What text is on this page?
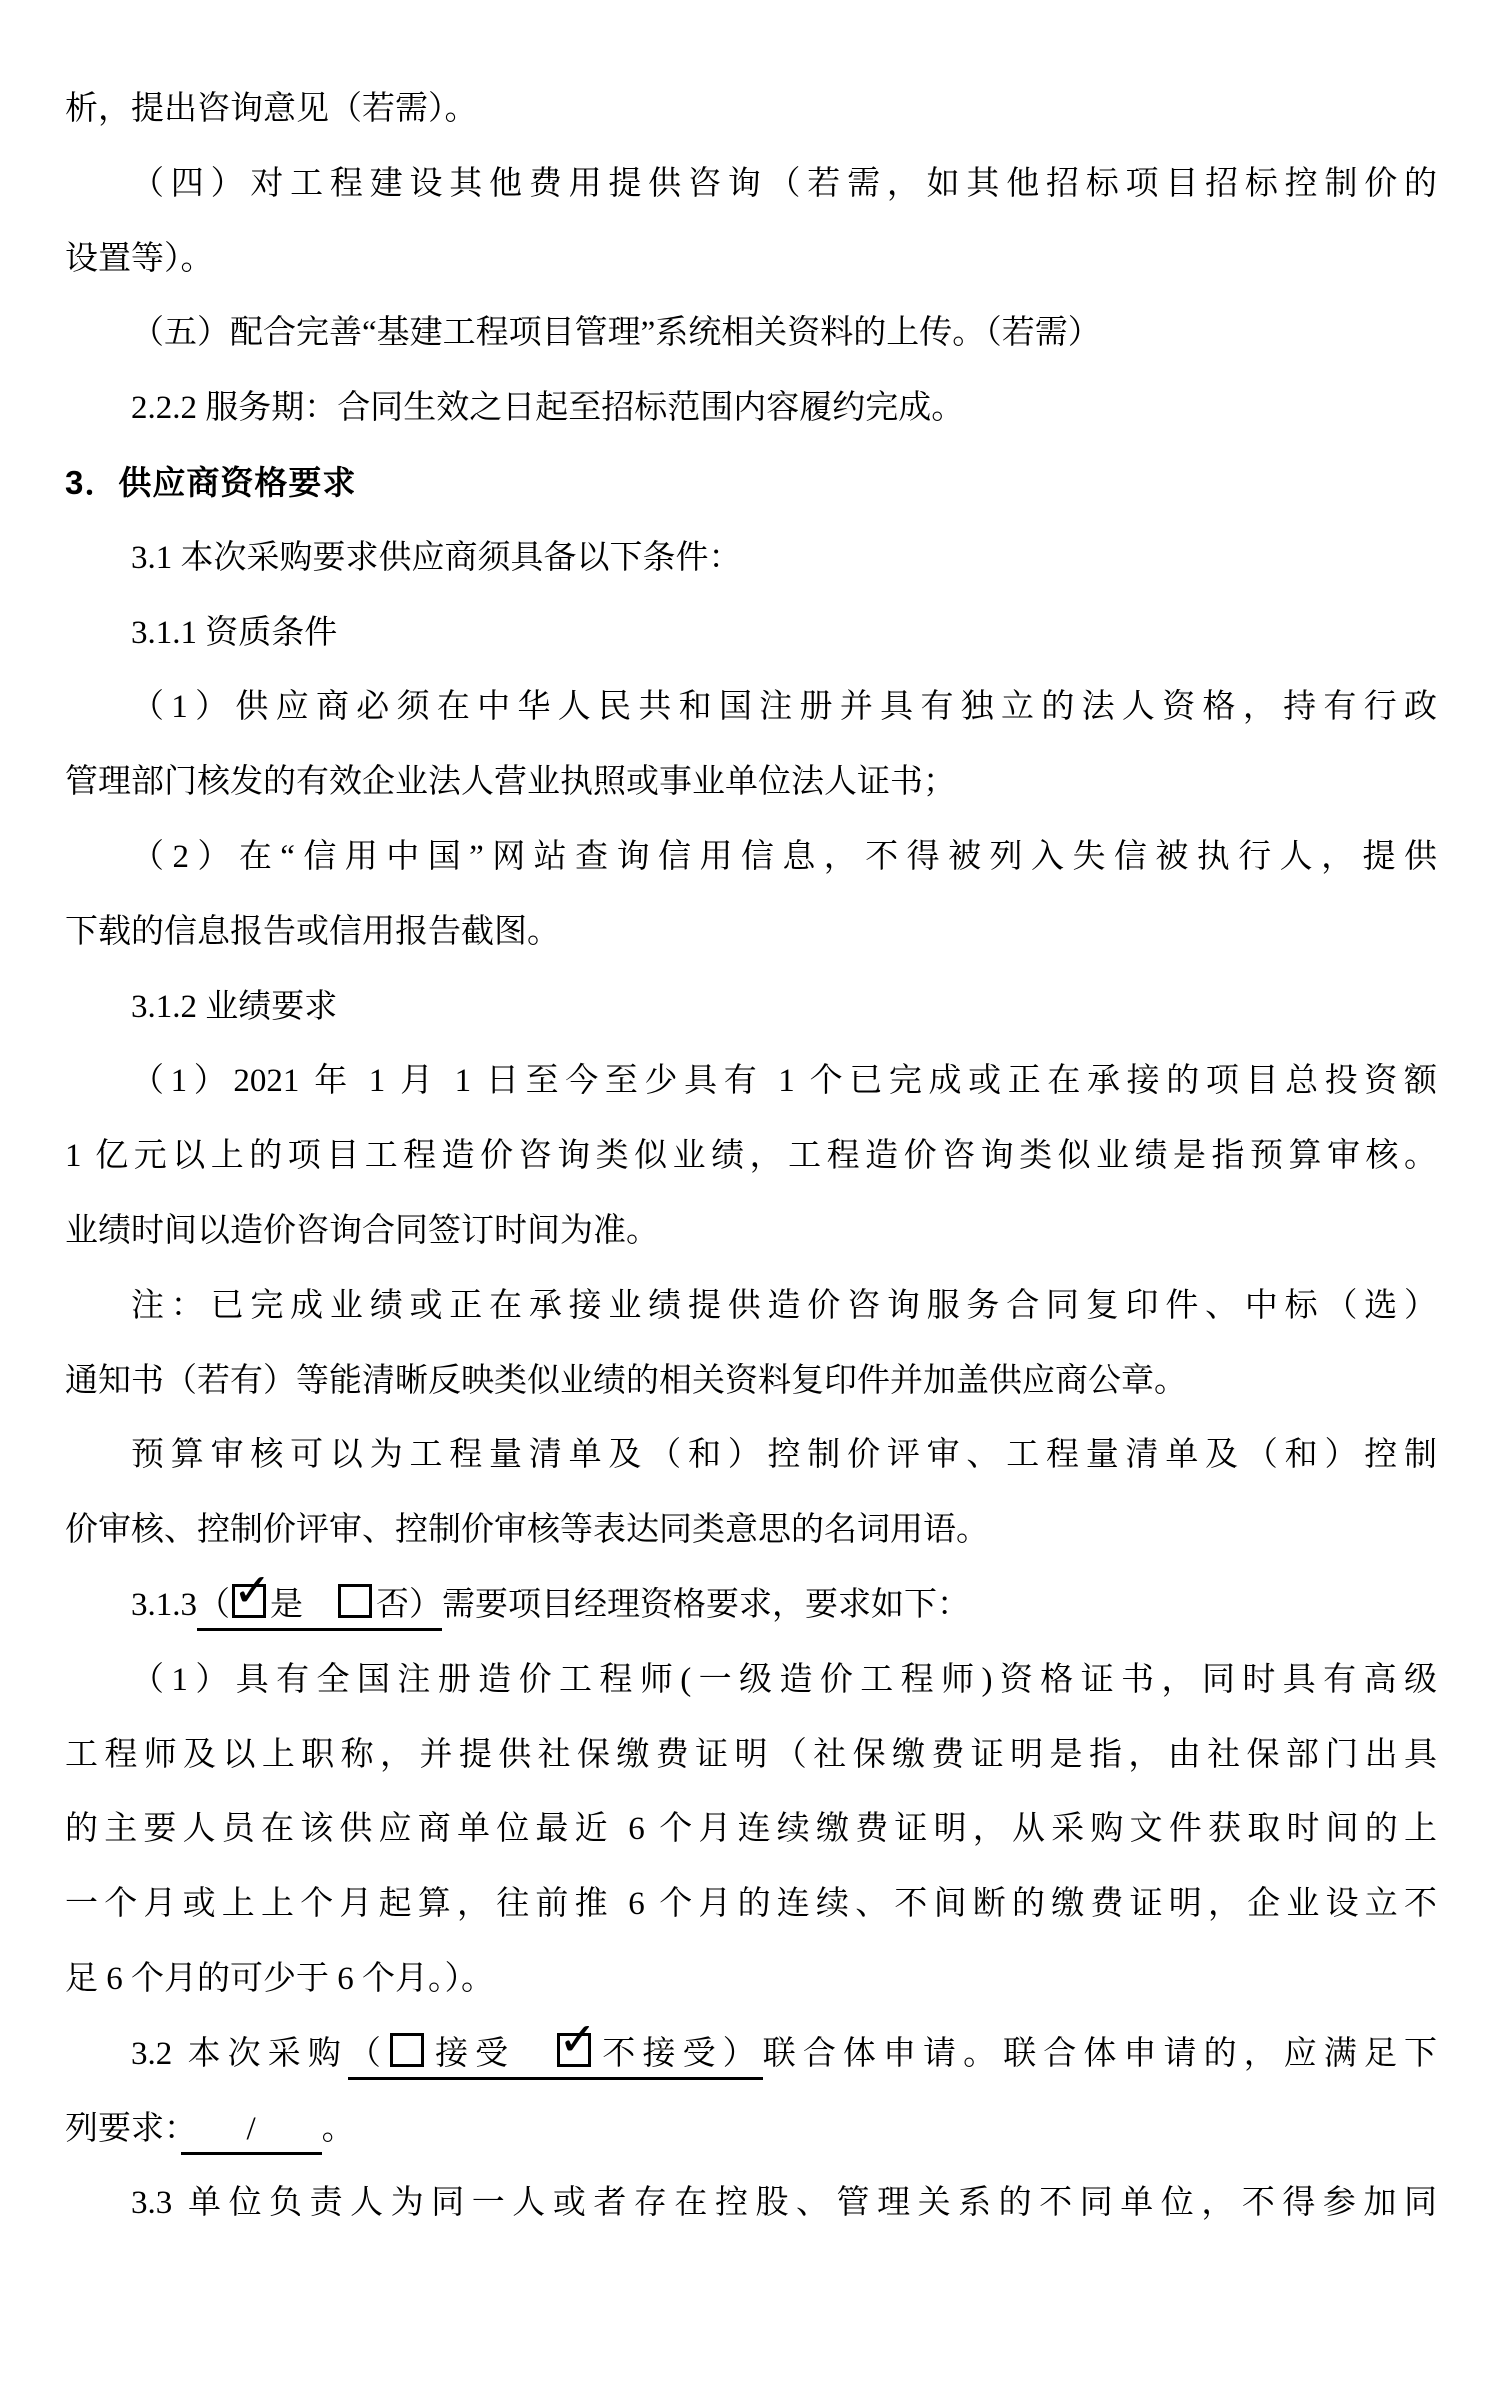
析，提出咨询意见（若需）。
（四）对工程建设其他费用提供咨询（若需，如其他招标项目招标控制价的
设置等）。
（五）配合完善“基建工程项目管理”系统相关资料的上传。（若需）
2.2.2 服务期：合同生效之日起至招标范围内容履约完成。
3．供应商资格要求
3.1 本次采购要求供应商须具备以下条件：
3.1.1 资质条件
（1）供应商必须在中华人民共和国注册并具有独立的法人资格，持有行政
管理部门核发的有效企业法人营业执照或事业单位法人证书；
（2）在“信用中国”网站查询信用信息，不得被列入失信被执行人，提供
下载的信息报告或信用报告截图。
3.1.2 业绩要求
（1）2021 年 1 月 1 日至今至少具有 1 个已完成或正在承接的项目总投资额
1 亿元以上的项目工程造价咨询类似业绩，工程造价咨询类似业绩是指预算审核。
业绩时间以造价咨询合同签订时间为准。
注：已完成业绩或正在承接业绩提供造价咨询服务合同复印件、中标（选）
通知书（若有）等能清晰反映类似业绩的相关资料复印件并加盖供应商公章。
预算审核可以为工程量清单及（和）控制价评审、工程量清单及（和）控制
价审核、控制价评审、控制价审核等表达同类意思的名词用语。
3.1.3（ ✓
是　否）需要项目经理资格要求，要求如下：
（1）具有全国注册造价工程师(一级造价工程师)资格证书，同时具有高级
工程师及以上职称，并提供社保缴费证明（社保缴费证明是指，由社保部门出具
的主要人员在该供应商单位最近 6 个月连续缴费证明，从采购文件获取时间的上
一个月或上上个月起算，往前推 6 个月的连续、不间断的缴费证明，企业设立不
足 6 个月的可少于 6 个月。）。
3.2 本次采购（ 接受　 ✓
不接受）联合体申请。联合体申请的，应满足下
列要求：　　/　　。
3.3 单位负责人为同一人或者存在控股、管理关系的不同单位，不得参加同
